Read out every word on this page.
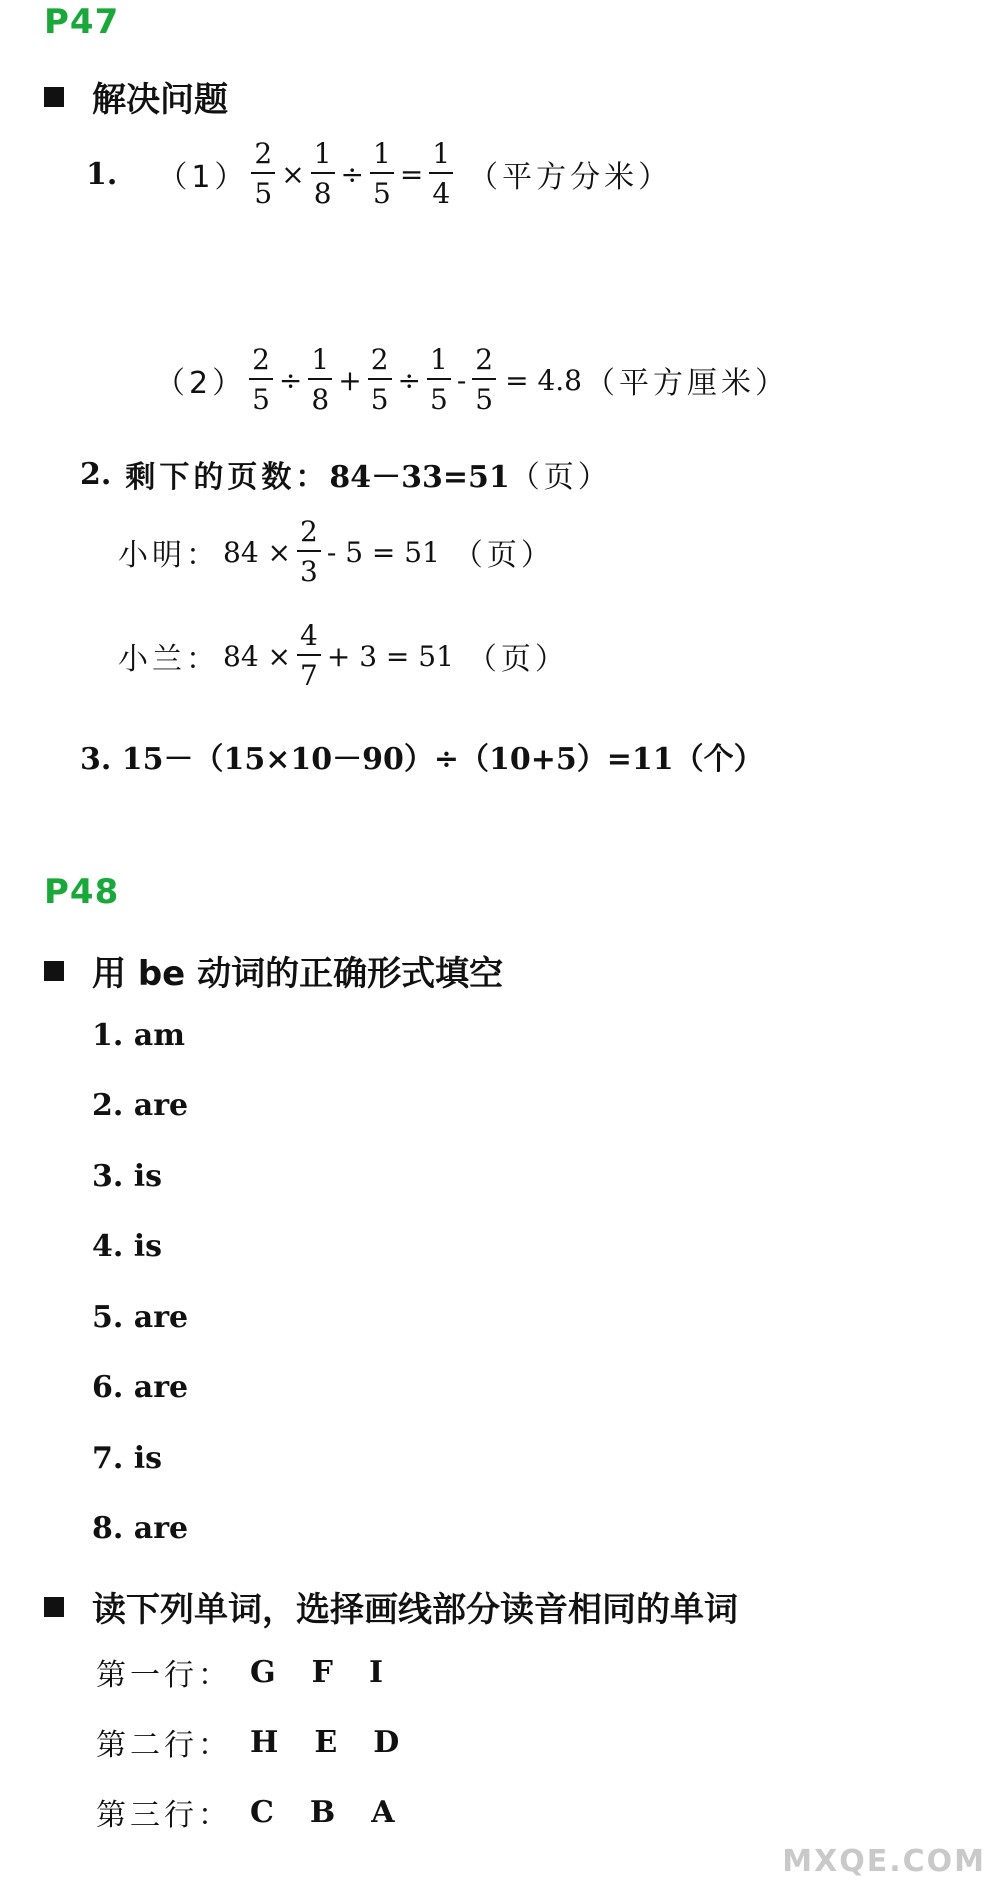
P47
解决问题
1. $(1) \frac{2}{5} \times \frac{1}{8} \div \frac{1}{5} = \frac{1}{4}$ （平方分米）
$(2) \frac{2}{5} \div \frac{1}{8} + \frac{2}{5} \div \frac{1}{5} - \frac{2}{5} = 4.8$ （平方厘米）
2. 剩下的页数： 84－33=51 （页）
小明： $84 \times \frac{2}{3} - 5 = 51$ （页）
小兰： $84 \times \frac{4}{7} + 3 = 51$ （页）
3. 15－（15×10－90）÷（10+5）=11（个）
P48
用 be 动词的正确形式填空
1. am
2. are
3. is
4. is
5. are
6. are
7. is
8. are
读下列单词，选择画线部分读音相同的单词
第一行： G F I
第二行： H E D
第三行： C B A
MXQE.COM
